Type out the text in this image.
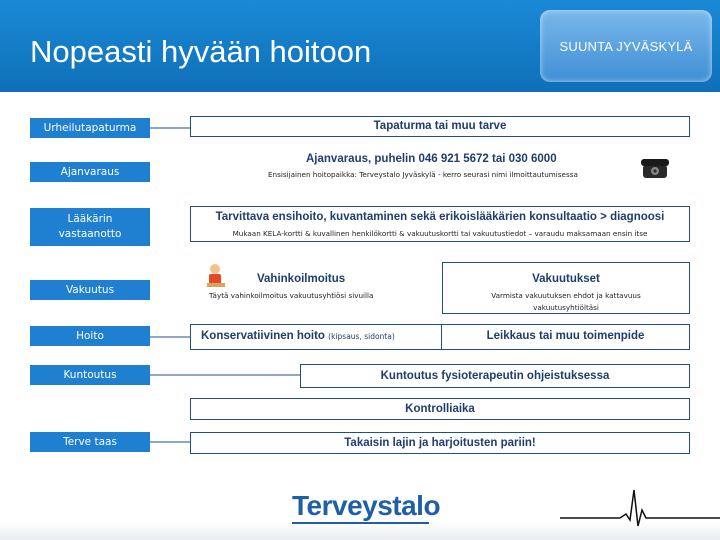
Nopeasti hyvään hoitoon	SUUNTA JYVÄSKYLÄ
Urheilutapaturma
Ajanvaraus
Lääkärin
vastaanotto
Vakuutus
Hoito
Kuntoutus
Terve taas
Tapaturma tai muu tarve
Ajanvaraus, puhelin 046 921 5672 tai 030 6000
Ensisijainen hoitopaikka: Terveystalo Jyväskylä - kerro seurasi nimi ilmoittautumisessa
Tarvittava ensihoito, kuvantaminen sekä erikoislääkärien konsultaatio > diagnoosi
Mukaan KELA-kortti & kuvallinen henkilökortti & vakuutuskortti tai vakuutustiedot – varaudu maksamaan ensin itse
Vahinkoilmoitus
Täytä vahinkoilmoitus vakuutusyhtiösi sivuilla
Vakuutukset
Varmista vakuutuksen ehdot ja kattavuus
vakuutusyhtiöltäsi
Konservatiivinen hoito (kipsaus, sidonta)	Leikkaus tai muu toimenpide
Kuntoutus fysioterapeutin ohjeistuksessa
Kontrolliaika
Takaisin lajin ja harjoitusten pariin!
Terveystalo
